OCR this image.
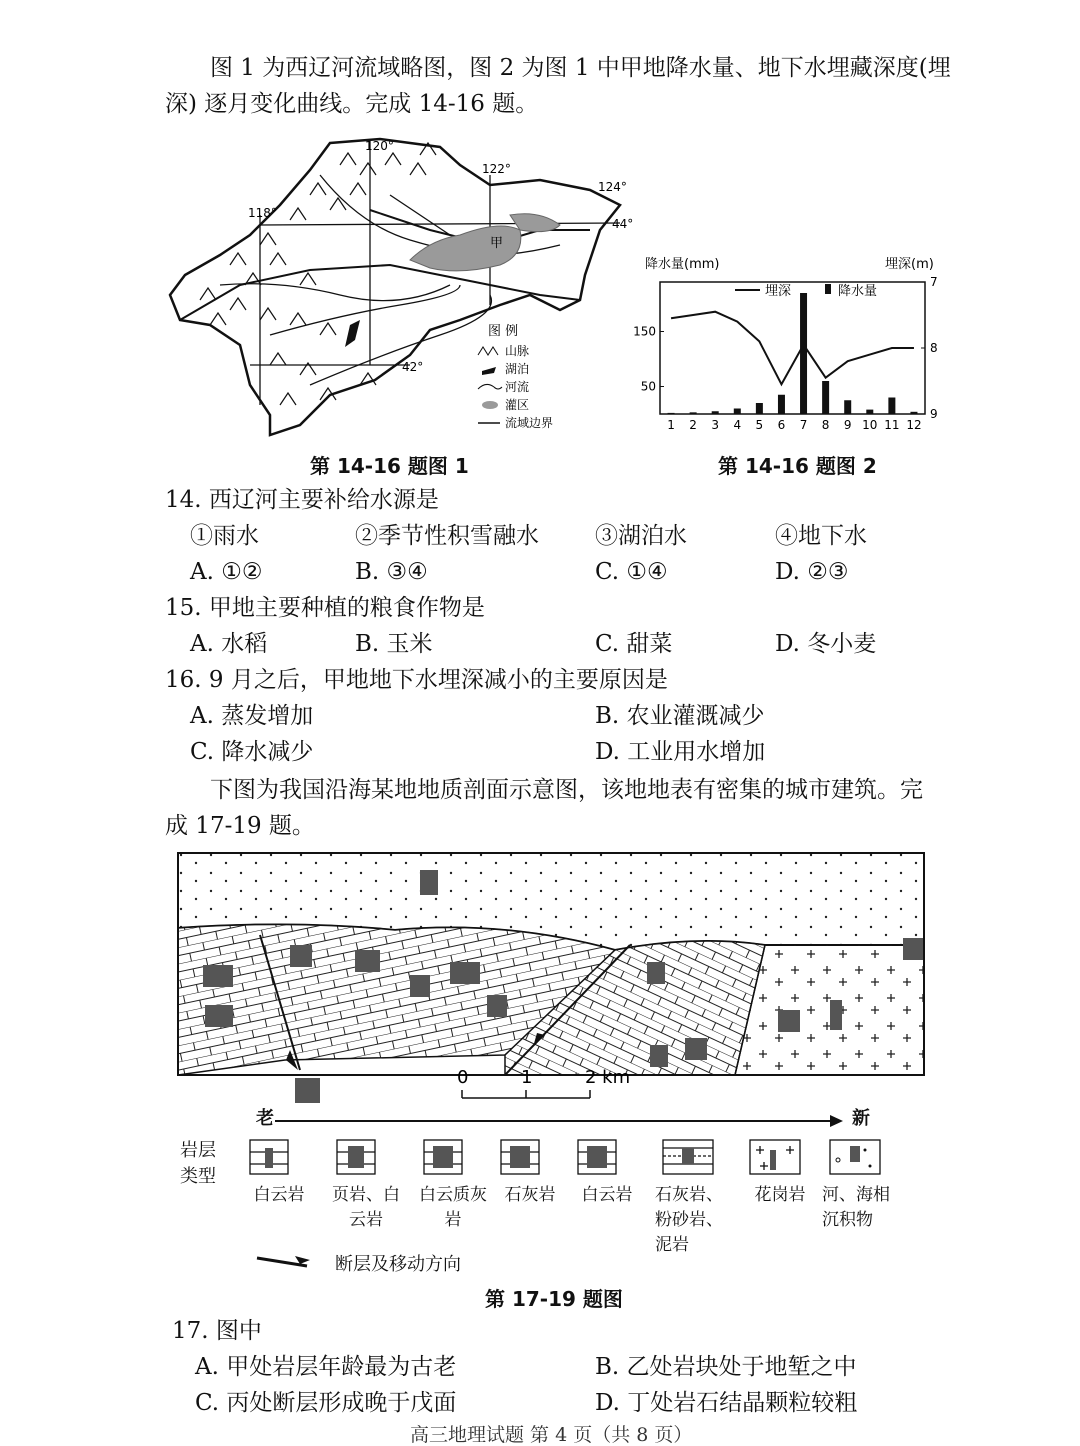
图 1 为西辽河流域略图，图 2 为图 1 中甲地降水量、地下水埋藏深度(埋
深) 逐月变化曲线。完成 14-16 题。
120°
122°
124°
118°
44°
42°
甲
图 例
山脉
湖泊
河流
灌区
流域边界
降水量(mm)	埋深(m)
埋深	降水量
1 2 3 4 5 6 7 8 9 10 11 12
150
50
7
8
9
第 14-16 题图 1	第 14-16 题图 2
14. 西辽河主要补给水源是
①雨水	②季节性积雪融水 ③湖泊水	④地下水
A. ①②	B. ③④	C. ①④	D. ②③
15. 甲地主要种植的粮食作物是
A. 水稻	B. 玉米	C. 甜菜	D. 冬小麦
16. 9 月之后，甲地地下水埋深减小的主要原因是
A. 蒸发增加	B. 农业灌溉减少
C. 降水减少	D. 工业用水增加
下图为我国沿海某地地质剖面示意图，该地地表有密集的城市建筑。完
成 17-19 题。
0	1	2 km
老	新
岩层
类型
白云岩	页岩、白云岩
白云质灰岩
石灰岩	白云岩	石灰岩、粉砂岩、泥岩
花岗岩 河、海相沉积物
断层及移动方向
第 17-19 题图
17. 图中
A. 甲处岩层年龄最为古老	B. 乙处岩块处于地堑之中
C. 丙处断层形成晚于戊面	D. 丁处岩石结晶颗粒较粗
高三地理试题 第 4 页（共 8 页）
